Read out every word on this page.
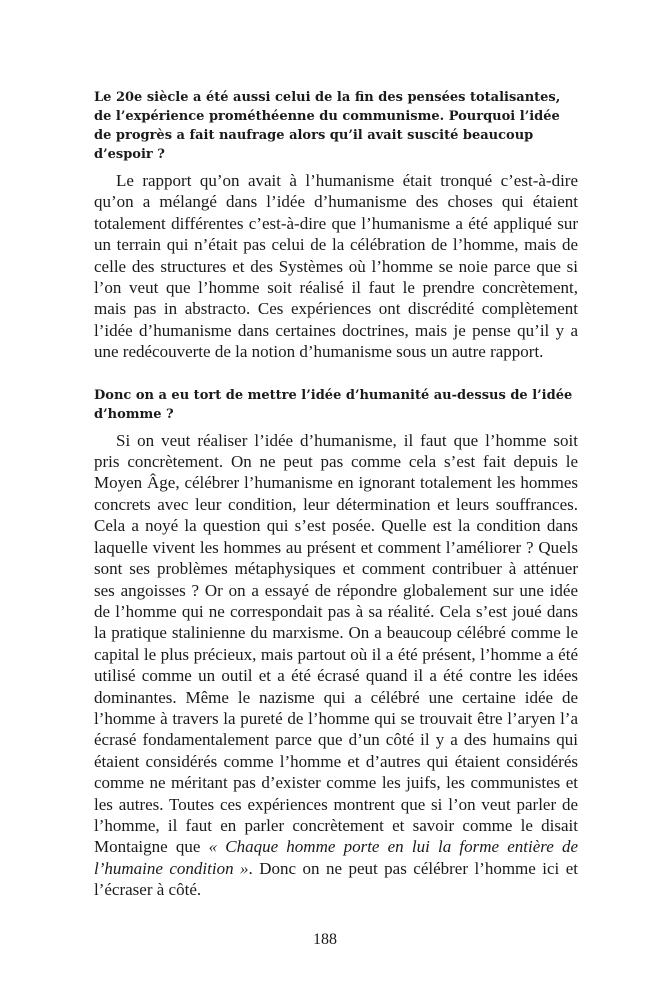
Le 20e siècle a été aussi celui de la fin des pensées totalisantes, de l’expérience prométhéenne du communisme. Pourquoi l’idée de progrès a fait naufrage alors qu’il avait suscité beaucoup d’espoir ?

Le rapport qu’on avait à l’humanisme était tronqué c’est-à-dire qu’on a mélangé dans l’idée d’humanisme des choses qui étaient totalement différentes c’est-à-dire que l’humanisme a été appliqué sur un terrain qui n’était pas celui de la célébration de l’homme, mais de celle des structures et des Systèmes où l’homme se noie parce que si l’on veut que l’homme soit réalisé il faut le prendre concrètement, mais pas in abstracto. Ces expériences ont discrédité complètement l’idée d’humanisme dans certaines doctrines, mais je pense qu’il y a une redécouverte de la notion d’humanisme sous un autre rapport.

Donc on a eu tort de mettre l’idée d’humanité au-dessus de l’idée d’homme ?

Si on veut réaliser l’idée d’humanisme, il faut que l’homme soit pris concrètement. On ne peut pas comme cela s’est fait depuis le Moyen Âge, célébrer l’humanisme en ignorant totalement les hommes concrets avec leur condition, leur détermination et leurs souffrances. Cela a noyé la question qui s’est posée. Quelle est la condition dans laquelle vivent les hommes au présent et comment l’améliorer ? Quels sont ses problèmes métaphysiques et comment contribuer à atténuer ses angoisses ? Or on a essayé de répondre globalement sur une idée de l’homme qui ne correspondait pas à sa réalité. Cela s’est joué dans la pratique stalinienne du marxisme. On a beaucoup célébré comme le capital le plus précieux, mais partout où il a été présent, l’homme a été utilisé comme un outil et a été écrasé quand il a été contre les idées dominantes. Même le nazisme qui a célébré une certaine idée de l’homme à travers la pureté de l’homme qui se trouvait être l’aryen l’a écrasé fondamentalement parce que d’un côté il y a des humains qui étaient considérés comme l’homme et d’autres qui étaient considérés comme ne méritant pas d’exister comme les juifs, les communistes et les autres. Toutes ces expériences montrent que si l’on veut parler de l’homme, il faut en parler concrètement et savoir comme le disait Montaigne que « Chaque homme porte en lui la forme entière de l’humaine condition ». Donc on ne peut pas célébrer l’homme ici et l’écraser à côté.

188
